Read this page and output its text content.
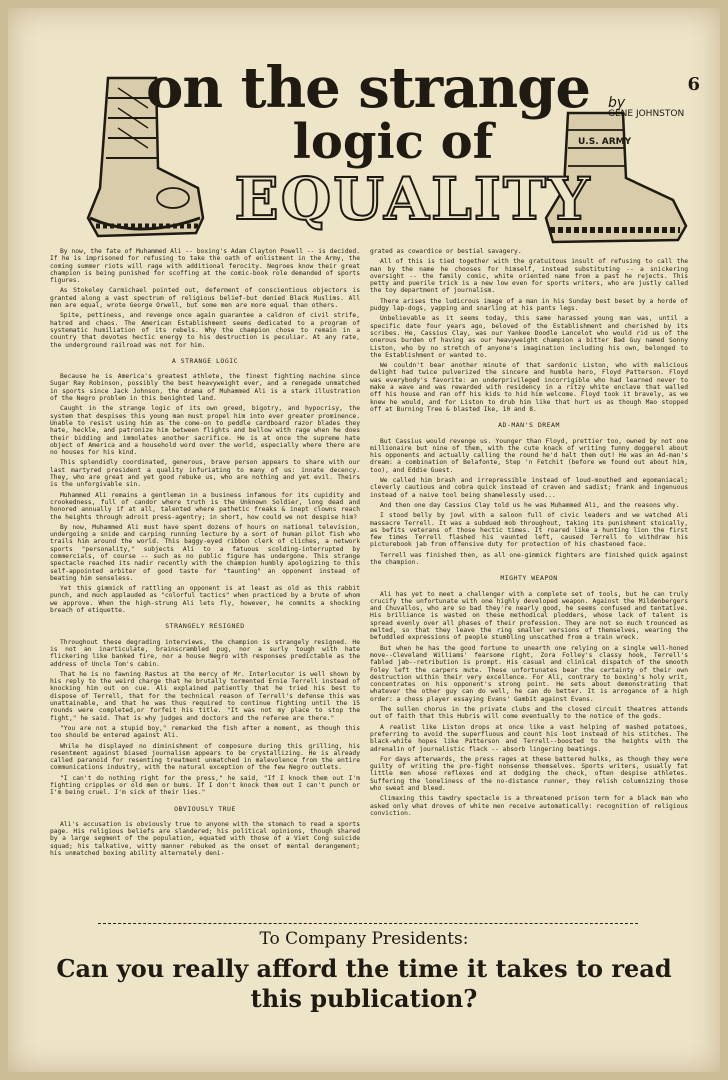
6
U.S. ARMY
on the strange
logic of
EQUALITY
by
GENE JOHNSTON

By now, the fate of Muhammed Ali -- boxing's Adam Clayton Powell -- is decided. If he is imprisoned for refusing to take the oath of enlistment in the Army, the coming summer riots will rage with additional ferocity. Negroes know their great champion is being punished for scoffing at the comic-book role demanded of sports figures.

As Stokeley Carmichael pointed out, deferment of conscientious objectors is granted along a vast spectrum of religious belief-but denied Black Muslims. All men are equal, wrote George Orwell, but some men are more equal than others.

Spite, pettiness, and revenge once again guarantee a caldron of civil strife, hatred and chaos. The American Establishment seems dedicated to a program of systematic humiliation of its rebels. Why the champion chose to remain in a country that devotes hectic energy to his destruction is peculiar. At any rate, the underground railroad was not for him.

A STRANGE LOGIC

Because he is America's greatest athlete, the finest fighting machine since Sugar Ray Robinson, possibly the best heavyweight ever, and a renegade unmatched in sports since Jack Johnson, the drama of Muhammed Ali is a stark illustration of the Negro problem in this benighted land.

Caught in the strange logic of its own greed, bigotry, and hypocrisy, the system that despises this young man must propel him into ever greater prominence. Unable to resist using him as the come-on to peddle cardboard razor blades they hate, heckle, and patronize him between flights and bellow with rage when he does their bidding and immolates another sacrifice. He is at once the supreme hate object of America and a household word over the world, especially where there are no houses for his kind.

This splendidly coordinated, generous, brave person appears to share with our last martyred president a quality infuriating to many of us: innate decency. They, who are great and yet good rebuke us, who are nothing and yet evil. Theirs is the unforgivable sin.

Muhammed Ali remains a gentleman in a business infamous for its cupidity and crookedness, full of candor where truth is the Unknown Soldier, long dead and honored annually if at all, talented where pathetic freaks & inept clowns reach the heights through adroit press-agentry; in short, how could we not despise him?

By now, Muhammed Ali must have spent dozens of hours on national television, undergoing a snide and carping running lecture by a sort of human pilot fish who trails him around the world. This baggy-eyed ribbon clerk of cliches, a network sports "personality," subjects Ali to a fatuous scolding-interrupted by commercials, of course -- such as no public figure has undergone. This strange spectacle reached its nadir recently with the champion humbly apologizing to this self-appointed arbiter of good taste for "taunting" an opponent instead of beating him senseless.

Yet this gimmick of rattling an opponent is at least as old as this rabbit punch, and much applauded as "colorful tactics" when practiced by a brute of whom we approve. When the high-strung Ali lets fly, however, he commits a shocking breach of etiquette.

STRANGELY RESIGNED

Throughout these degrading interviews, the champion is strangely resigned. He is not an inarticulate, brainscrambled pug, nor a surly tough with hate flickering like banked fire, nor a house Negro with responses predictable as the address of Uncle Tom's cabin.

That he is no fawning Rastus at the mercy of Mr. Interlocutor is well shown by his reply to the weird charge that he brutally tormented Ernie Terrell instead of knocking him out on cue. Ali explained patiently that he tried his best to dispose of Terrell, that for the technical reason of Terrell's defense this was unattainable, and that he was thus required to continue fighting until the 15 rounds were completed,or forfeit his title. "It was not my place to stop the fight," he said. That is why judges and doctors and the referee are there."

"You are not a stupid boy," remarked the fish after a moment, as though this too should be entered against Ali.

While he displayed no diminishment of composure during this grilling, his resentment against biased journalism appears to be crystallizing. He is already called paranoid for resenting treatment unmatched in malevolence from the entire communications industry, with the natural exception of the few Negro outlets.

"I can't do nothing right for the press," he said, "If I knock them out I'm fighting cripples or old men or bums. If I don't knock them out I can't punch or I'm being cruel. I'm sick of their lies."

OBVIOUSLY TRUE

Ali's accusation is obviously true to anyone with the stomach to read a sports page. His religious beliefs are slandered; his political opinions, though shared by a large segment of the population, equated with those of a Viet Cong suicide squad; his talkative, witty manner rebuked as the onset of mental derangement; his unmatched boxing ability alternately deni-

grated as cowardice or bestial savagery.

All of this is tied together with the gratuitous insult of refusing to call the man by the name he chooses for himself, instead substituting -- a snickering oversight -- the family comic, white oriented name from a past he rejects. This petty and puerile trick is a new low even for sports writers, who are justly called the toy department of journalism.

There arises the ludicrous image of a man in his Sunday best beset by a horde of pudgy lap-dogs, yapping and snarling at his pants legs.

Unbelievable as it seems today, this same harassed young man was, until a specific date four years ago, beloved of the Establishment and cherished by its scribes. He, Cassius Clay, was our Yankee Doodle Lancelot who would rid us of the onerous burden of having as our heavyweight champion a bitter Bad Guy named Sonny Liston, who by no stretch of anyone's imagination including his own, belonged to the Establishment or wanted to.

We couldn't bear another minute of that sardonic Liston, who with malicious delight had twice pulverized the sincere and humble hero, Floyd Patterson. Floyd was everybody's favorite: an underprivileged incorrigible who had learned never to make a wave and was rewarded with residency in a ritzy white enclave that walled off his house and ran off his kids to hid him welcome. Floyd took it bravely, as we knew he would, and for Liston to drub him like that hurt us as though Mao stopped off at Burning Tree & blasted Ike, 10 and 8.

AD-MAN'S DREAM

But Cassius would revenge us. Younger than Floyd, prettier too, owned by not one millionaire but nine of them, with the cute knack of writing funny doggerel about his opponents and actually calling the round he'd halt them out! He was an Ad-man's dream: a combination of Belafonte, Step 'n Fetchit (before we found out about him, too), and Eddie Guest.

We called him brash and irrepressible instead of loud-mouthed and egomaniacal; cleverly cautious and cobra quick instead of craven and sadist; frank and ingenuous instead of a naive tool being shamelessly used...

And then one day Cassius Clay told us he was Muhammed Ali, and the reasons why.

I stood belly by jowl with a saloon full of civic leaders and we watched Ali massacre Terrell. It was a subdued mob throughout, taking its punishment stoically, as befits veterans of those hectic times. It roared like a hunting lion the first few times Terrell flashed his vaunted left, caused Terrell to withdraw his picturebook jab from offensive duty for protection of his chastened face.

Terrell was finished then, as all one-gimmick fighters are finished quick against the champion.

MIGHTY WEAPON

Ali has yet to meet a challenger with a complete set of tools, but he can truly crucify the unfortunate with one highly developed weapon. Against the Mildenbergers and Chuvallos, who are so bad they're nearly good, he seems confused and tentative. His brilliance is wasted on these methodical plodders, whose lack of talent is spread evenly over all phases of their profession. They are not so much trounced as melted, so that they leave the ring smaller versions of themselves, wearing the befuddled expressions of people stumbling unscathed from a train wreck.

But when he has the good fortune to unearth one relying on a single well-honed move--Cleveland Williams' fearsome right, Zora Folley's classy hook, Terrell's fabled jab--retribution is prompt. His casual and clinical dispatch of the smooth Foley left the carpers mute. These unfortunates bear the certainty of their own destruction within their very excellence. For Ali, contrary to boxing's holy writ, concentrates on his opponent's strong point. He sets about demonstrating that whatever the other guy can do well, he can do better. It is arrogance of a high order: a chess player essaying Evans' Gambit against Evans.

The sullen chorus in the private clubs and the closed circuit theatres attends out of faith that this Hubris will come eventually to the notice of the gods.

A realist like Liston drops at once like a vast helping of mashed potatoes, preferring to avoid the superfluous and count his loot instead of his stitches. The black-white hopes like Patterson and Terrell--boosted to the heights with the adrenalin of journalistic flack -- absorb lingering beatings.

For days afterwards, the press rages at these battered hulks, as though they were guilty of writing the pre-fight nonsense themselves. Sports writers, usually fat little men whose reflexes end at dodging the check, often despise athletes. Suffering the loneliness of the no-distance runner, they relish columnizing those who sweat and bleed.

Climaxing this tawdry spectacle is a threatened prison term for a black man who asked only what droves of white men receive automatically: recognition of religious conviction.

To Company Presidents:
Can you really afford the time it takes to read
this publication?
